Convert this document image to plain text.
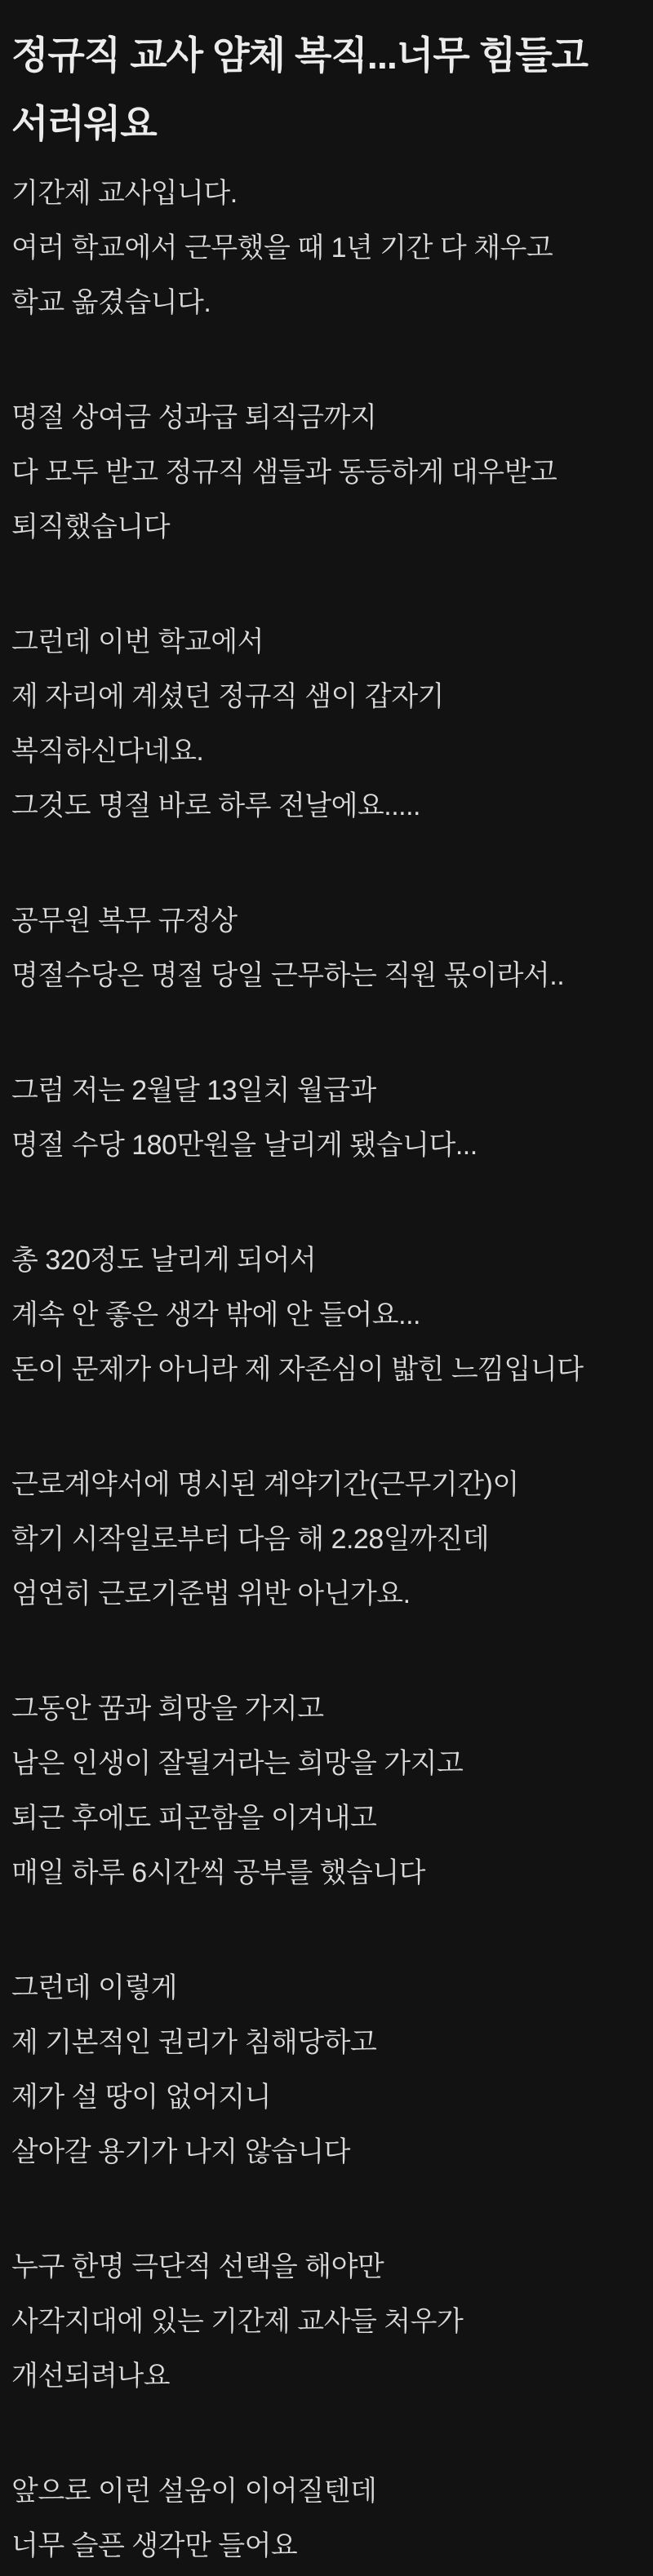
정규직 교사 얌체 복직...너무 힘들고 서러워요

기간제 교사입니다.
여러 학교에서 근무했을 때 1년 기간 다 채우고
학교 옮겼습니다.

명절 상여금 성과급 퇴직금까지
다 모두 받고 정규직 샘들과 동등하게 대우받고
퇴직했습니다

그런데 이번 학교에서
제 자리에 계셨던 정규직 샘이 갑자기
복직하신다네요.
그것도 명절 바로 하루 전날에요.....

공무원 복무 규정상
명절수당은 명절 당일 근무하는 직원 몫이라서..

그럼 저는 2월달 13일치 월급과
명절 수당 180만원을 날리게 됐습니다...

총 320정도 날리게 되어서
계속 안 좋은 생각 밖에 안 들어요...
돈이 문제가 아니라 제 자존심이 밟힌 느낌입니다

근로계약서에 명시된 계약기간(근무기간)이
학기 시작일로부터 다음 해 2.28일까진데
엄연히 근로기준법 위반 아닌가요.

그동안 꿈과 희망을 가지고
남은 인생이 잘될거라는 희망을 가지고
퇴근 후에도 피곤함을 이겨내고
매일 하루 6시간씩 공부를 했습니다

그런데 이렇게
제 기본적인 권리가 침해당하고
제가 설 땅이 없어지니
살아갈 용기가 나지 않습니다

누구 한명 극단적 선택을 해야만
사각지대에 있는 기간제 교사들 처우가
개선되려나요

앞으로 이런 설움이 이어질텐데
너무 슬픈 생각만 들어요
